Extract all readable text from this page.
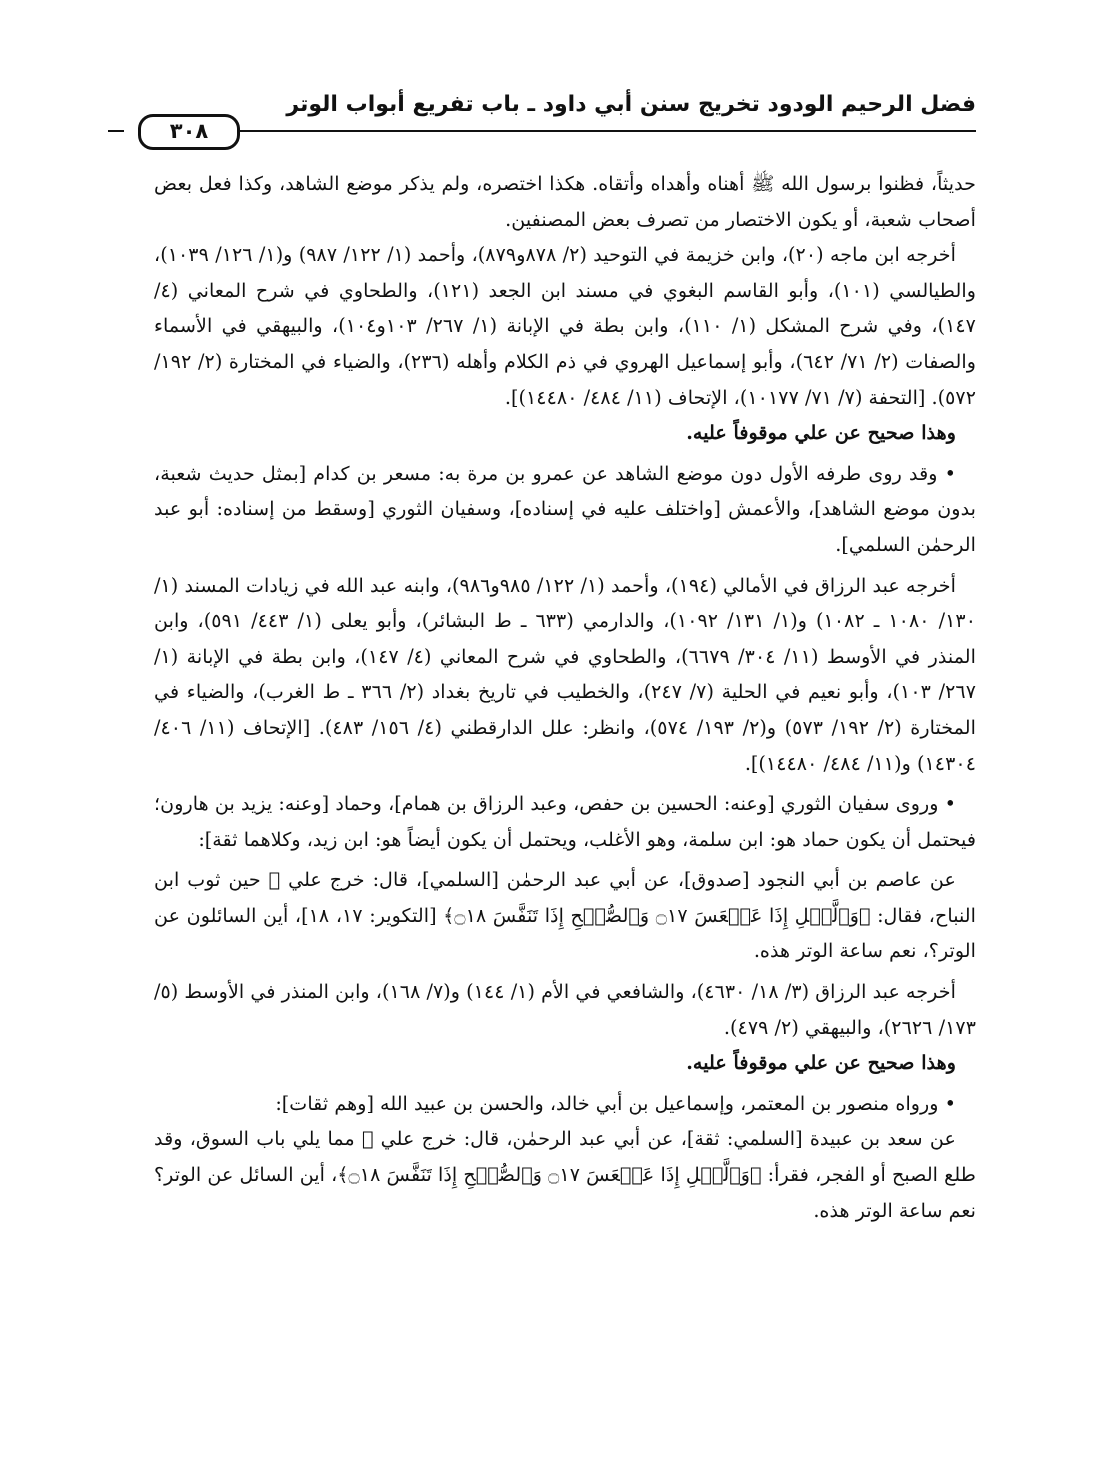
فضل الرحيم الودود تخريج سنن أبي داود ـ باب تفريع أبواب الوتر
٣٠٨

حديثاً، فظنوا برسول الله ﷺ أهناه وأهداه وأتقاه. هكذا اختصره، ولم يذكر موضع الشاهد، وكذا فعل بعض أصحاب شعبة، أو يكون الاختصار من تصرف بعض المصنفين.

أخرجه ابن ماجه (٢٠)، وابن خزيمة في التوحيد (٢/ ٨٧٨و٨٧٩)، وأحمد (١/ ١٢٢/ ٩٨٧) و(١/ ١٢٦/ ١٠٣٩)، والطيالسي (١٠١)، وأبو القاسم البغوي في مسند ابن الجعد (١٢١)، والطحاوي في شرح المعاني (٤/ ١٤٧)، وفي شرح المشكل (١/ ١١٠)، وابن بطة في الإبانة (١/ ٢٦٧/ ١٠٣و١٠٤)، والبيهقي في الأسماء والصفات (٢/ ٧١/ ٦٤٢)، وأبو إسماعيل الهروي في ذم الكلام وأهله (٢٣٦)، والضياء في المختارة (٢/ ١٩٢/ ٥٧٢). [التحفة (٧/ ٧١/ ١٠١٧٧)، الإتحاف (١١/ ٤٨٤/ ١٤٤٨٠)].

وهذا صحيح عن علي موقوفاً عليه.

• وقد روى طرفه الأول دون موضع الشاهد عن عمرو بن مرة به: مسعر بن كدام [بمثل حديث شعبة، بدون موضع الشاهد]، والأعمش [واختلف عليه في إسناده]، وسفيان الثوري [وسقط من إسناده: أبو عبد الرحمٰن السلمي].

أخرجه عبد الرزاق في الأمالي (١٩٤)، وأحمد (١/ ١٢٢/ ٩٨٥و٩٨٦)، وابنه عبد الله في زيادات المسند (١/ ١٣٠/ ١٠٨٠ ـ ١٠٨٢) و(١/ ١٣١/ ١٠٩٢)، والدارمي (٦٣٣ ـ ط البشائر)، وأبو يعلى (١/ ٤٤٣/ ٥٩١)، وابن المنذر في الأوسط (١١/ ٣٠٤/ ٦٦٧٩)، والطحاوي في شرح المعاني (٤/ ١٤٧)، وابن بطة في الإبانة (١/ ٢٦٧/ ١٠٣)، وأبو نعيم في الحلية (٧/ ٢٤٧)، والخطيب في تاريخ بغداد (٢/ ٣٦٦ ـ ط الغرب)، والضياء في المختارة (٢/ ١٩٢/ ٥٧٣) و(٢/ ١٩٣/ ٥٧٤)، وانظر: علل الدارقطني (٤/ ١٥٦/ ٤٨٣). [الإتحاف (١١/ ٤٠٦/ ١٤٣٠٤) و(١١/ ٤٨٤/ ١٤٤٨٠)].

• وروى سفيان الثوري [وعنه: الحسين بن حفص، وعبد الرزاق بن همام]، وحماد [وعنه: يزيد بن هارون؛ فيحتمل أن يكون حماد هو: ابن سلمة، وهو الأغلب، ويحتمل أن يكون أيضاً هو: ابن زيد، وكلاهما ثقة]:

عن عاصم بن أبي النجود [صدوق]، عن أبي عبد الرحمٰن [السلمي]، قال: خرج علي ﷺ حين ثوب ابن النباح، فقال: ﴿وَٱلَّيۡلِ إِذَا عَسۡعَسَ ۝١٧ وَٱلصُّبۡحِ إِذَا تَنَفَّسَ ۝١٨﴾ [التكوير: ١٧، ١٨]، أين السائلون عن الوتر؟، نعم ساعة الوتر هذه.

أخرجه عبد الرزاق (٣/ ١٨/ ٤٦٣٠)، والشافعي في الأم (١/ ١٤٤) و(٧/ ١٦٨)، وابن المنذر في الأوسط (٥/ ١٧٣/ ٢٦٢٦)، والبيهقي (٢/ ٤٧٩).

وهذا صحيح عن علي موقوفاً عليه.

• ورواه منصور بن المعتمر، وإسماعيل بن أبي خالد، والحسن بن عبيد الله [وهم ثقات]:

عن سعد بن عبيدة [السلمي: ثقة]، عن أبي عبد الرحمٰن، قال: خرج علي ﷺ مما يلي باب السوق، وقد طلع الصبح أو الفجر، فقرأ: ﴿وَٱلَّيۡلِ إِذَا عَسۡعَسَ ۝١٧ وَٱلصُّبۡحِ إِذَا تَنَفَّسَ ۝١٨﴾، أين السائل عن الوتر؟ نعم ساعة الوتر هذه.
